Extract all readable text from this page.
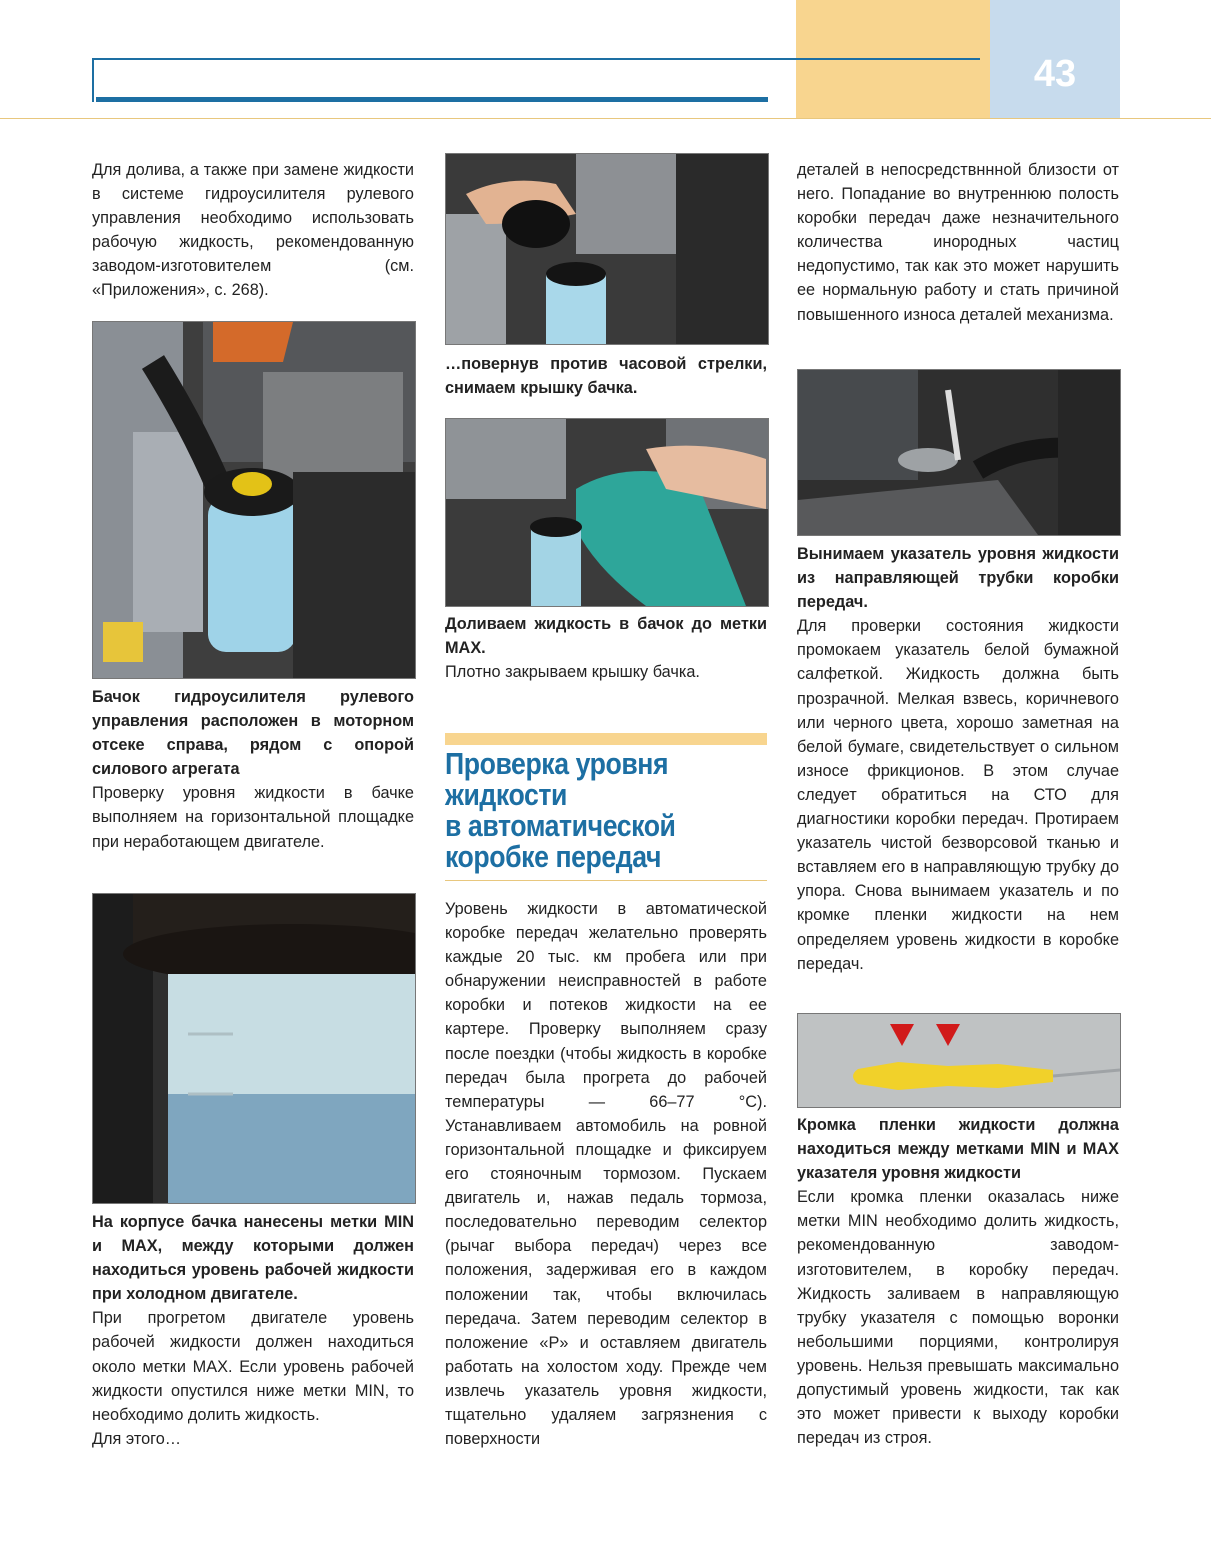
43

Для долива, а также при замене жидкости в системе гидроусилителя рулевого управления необходимо использовать рабочую жидкость, рекомендованную заводом-изготовителем (см. «Приложения», с. 268).

Бачок гидроусилителя рулевого управления расположен в моторном отсеке справа, рядом с опорой силового агрегата

Проверку уровня жидкости в бачке выполняем на горизонтальной площадке при неработающем двигателе.

На корпусе бачка нанесены метки MIN и MAX, между которыми должен находиться уровень рабочей жидкости при холодном двигателе.

При прогретом двигателе уровень рабочей жидкости должен находиться около метки MAX. Если уровень рабочей жидкости опустился ниже метки MIN, то необходимо долить жидкость.

Для этого…

…повернув против часовой стрелки, снимаем крышку бачка.

Доливаем жидкость в бачок до метки MAX.

Плотно закрываем крышку бачка.

Проверка уровня
жидкости
в автоматической
коробке передач

Уровень жидкости в автоматической коробке передач желательно проверять каждые 20 тыс. км пробега или при обнаружении неисправностей в работе коробки и потеков жидкости на ее картере. Проверку выполняем сразу после поездки (чтобы жидкость в коробке передач была прогрета до рабочей температуры — 66–77 °С). Устанавливаем автомобиль на ровной горизонтальной площадке и фиксируем его стояночным тормозом. Пускаем двигатель и, нажав педаль тормоза, последовательно переводим селектор (рычаг выбора передач) через все положения, задерживая его в каждом положении так, чтобы включилась передача. Затем переводим селектор в положение «P» и оставляем двигатель работать на холостом ходу. Прежде чем извлечь указатель уровня жидкости, тщательно удаляем загрязнения с поверхности

деталей в непосредствннной близости от него. Попадание во внутреннюю полость коробки передач даже незначительного количества инородных частиц недопустимо, так как это может нарушить ее нормальную работу и стать причиной повышенного износа деталей механизма.

Вынимаем указатель уровня жидкости из направляющей трубки коробки передач.

Для проверки состояния жидкости промокаем указатель белой бумажной салфеткой. Жидкость должна быть прозрачной. Мелкая взвесь, коричневого или черного цвета, хорошо заметная на белой бумаге, свидетельствует о сильном износе фрикционов. В этом случае следует обратиться на СТО для диагностики коробки передач. Протираем указатель чистой безворсовой тканью и вставляем его в направляющую трубку до упора. Снова вынимаем указатель и по кромке пленки жидкости на нем определяем уровень жидкости в коробке передач.

Кромка пленки жидкости должна находиться между метками MIN и MAX указателя уровня жидкости

Если кромка пленки оказалась ниже метки MIN необходимо долить жидкость, рекомендованную заводом-изготовителем, в коробку передач. Жидкость заливаем в направляющую трубку указателя с помощью воронки небольшими порциями, контролируя уровень. Нельзя превышать максимально допустимый уровень жидкости, так как это может привести к выходу коробки передач из строя.
